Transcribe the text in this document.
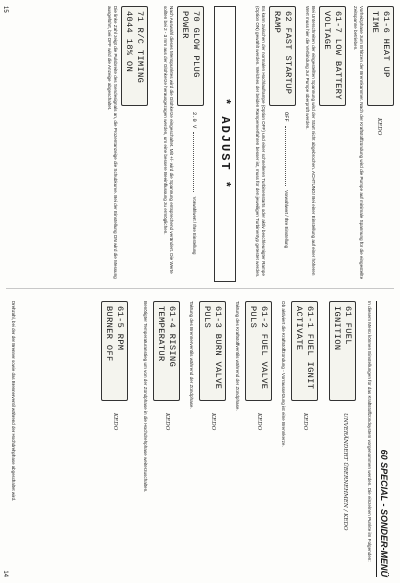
61-6 HEAT UP
TIME
KEDO
Vorheizphase zum Erhitzen der Brennkammer. Nach der Kraftstoffzündung wird die Pumpe auf minimale Spannung für die eingestellte Zeitspanne betrieben.
61-7 LOW BATTERY
VOLTAGE
Bei Unterschreiten der eingestellten Spannung wird der Start nicht abgebrochen. ACHTUNG! Bei einer Einstellung auf einer höheren Wert muss hier die Verbindung zur Pumpe überprüft werden.
62 FAST STARTUP
RAMP
OFF  Vorwahlwert / Ihre Einstellung
Es kann zwischen der normalen Hochlauframpe (Option OFF) und einer schnelleren Turbinenstarts oder aktiv beschleunigter Rampe (Option ON) gewählt werden. Welches der beiden Rampenverfahren besser ist, muss für den jeweiligen Turbinentyp getestet werden.
* ADJUST *
70 GLOW PLUG
POWER
2.0 V  Vorwahlwert / Ihre Einstellung
Nach Auswahl dieses Menüpunktes wird die Glühkerze eingeschaltet. Mit +/- wird die Spannung entsprechend verändert. Die Werte sollten bei 2 - 3 mm aus der Glühkerze herausgezogen werden, um eine bessere Beeinflussung zu ermöglichen.
71 R/C TIMING
4044 18% ON
Die linke Zahl zeigt die Pulsbreite des Sendesignals an, die Prozentanzeige die Schubkurve. Bei der Einstellung ON wird die Messung ausgeführt, bei OFF wird die Anzeige abgeschaltet.
15
60 SPECIAL - SONDER-MENÜ
In diesem Menü können Einstellungen für das Kraftstoffzündsystem vorgenommen werden. Die einzelnen Punkte im Folgenden:
61 FUEL
IGNITION
UNVERÄNDERT ÜBERNEHMEN / KEDO
61-1 FUEL IGNIT
ACTIVATE
KEDO
Ob aktiviert die Kraftstoffzündung - Vorraussetzung ist eine Brennkerze.
61-2 FUEL VALVE
PULS
KEDO
Taktung des Kraftstoffventils während der Zündphase.
61-3 BURN VALVE
PULS
KEDO
Taktung des Brennerventils während der Zündphase.
61-4 RISING
TEMPERATUR
KEDO
Benötigter Temperaturanstieg um von der Zündphase in die Hochdrehphase weiterzuschalten.
61-5 RPM
BURNER OFF
KEDO
Drehzahl, bei der der Brenner sowie das Brennerventil während der Hochdrehphase abgeschaltet wird.
14
